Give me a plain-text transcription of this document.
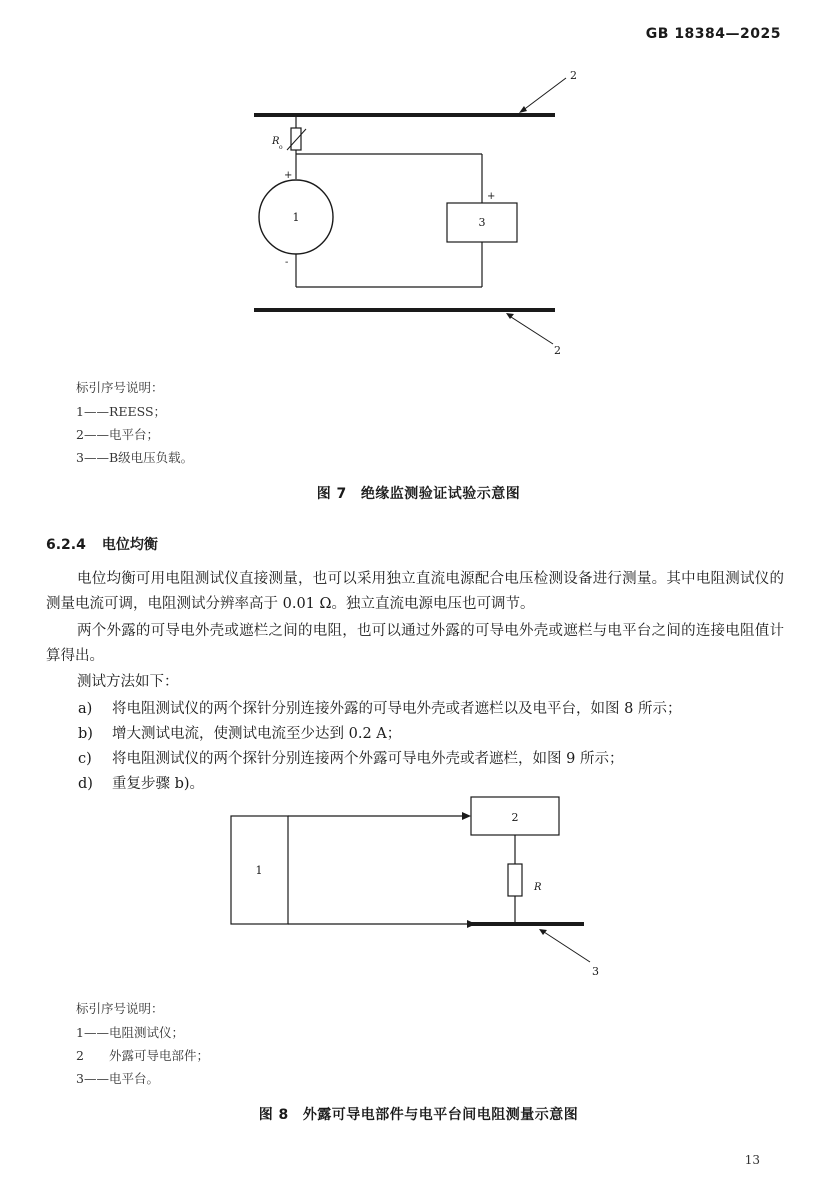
GB 18384—2025
1	3
2
2
R
o
+
-
+
标引序号说明：
1——REESS；
2——电平台；
3——B级电压负载。
图 7 绝缘监测验证试验示意图
6.2.4 电位均衡
电位均衡可用电阻测试仪直接测量，也可以采用独立直流电源配合电压检测设备进行测量。其中电阻测试仪的测量电流可调，电阻测试分辨率高于 0.01 Ω。独立直流电源电压也可调节。
两个外露的可导电外壳或遮栏之间的电阻，也可以通过外露的可导电外壳或遮栏与电平台之间的连接电阻值计算得出。
测试方法如下：
a) 将电阻测试仪的两个探针分别连接外露的可导电外壳或者遮栏以及电平台，如图 8 所示；
b) 增大测试电流，使测试电流至少达到 0.2 A；
c) 将电阻测试仪的两个探针分别连接两个外露可导电外壳或者遮栏，如图 9 所示；
d) 重复步骤 b)。
1
2
R
3
标引序号说明：
1——电阻测试仪；
2　　外露可导电部件；
3——电平台。
图 8 外露可导电部件与电平台间电阻测量示意图
13
